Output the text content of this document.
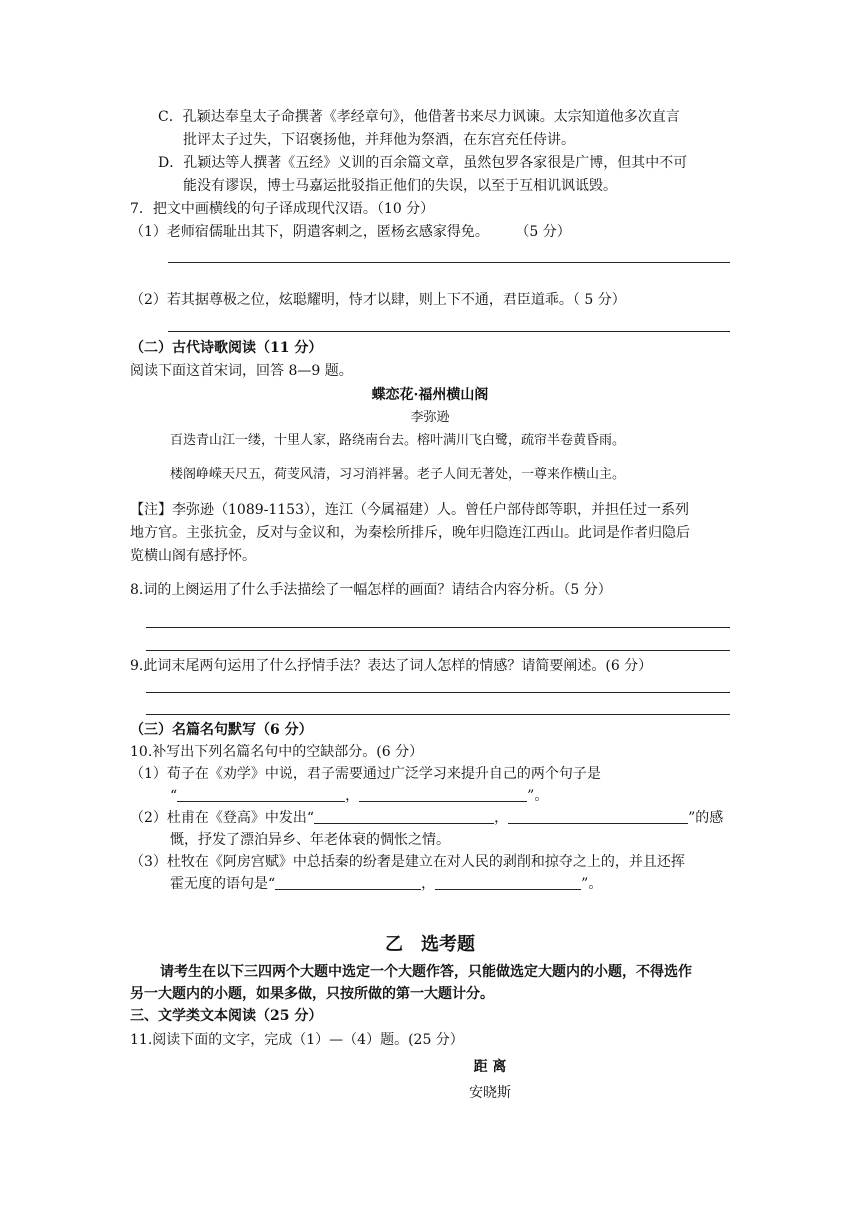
C．孔颖达奉皇太子命撰著《孝经章句》，他借著书来尽力讽谏。太宗知道他多次直言
批评太子过失，下诏褒扬他，并拜他为祭酒，在东宫充任侍讲。
D．孔颖达等人撰著《五经》义训的百余篇文章，虽然包罗各家很是广博，但其中不可
能没有谬误，博士马嘉运批驳指正他们的失误，以至于互相讥讽诋毁。
7．把文中画横线的句子译成现代汉语。（10 分）
（1）老师宿儒耻出其下，阴遣客刺之，匿杨玄感家得免。 （5 分）
（2）若其据尊极之位，炫聪耀明，恃才以肆，则上下不通，君臣道乖。（ 5 分）
（二）古代诗歌阅读（11 分）
阅读下面这首宋词，回答 8—9 题。
蝶恋花·福州横山阁
李弥逊
百迭青山江一缕，十里人家，路绕南台去。榕叶满川飞白鹭，疏帘半卷黄昏雨。
楼阁峥嵘天尺五，荷芰风清，习习消袢暑。老子人间无著处，一尊来作横山主。
【注】李弥逊（1089-1153），连江（今属福建）人。曾任户部侍郎等职，并担任过一系列
地方官。主张抗金，反对与金议和，为秦桧所排斥，晚年归隐连江西山。此词是作者归隐后
览横山阁有感抒怀。
8.词的上阕运用了什么手法描绘了一幅怎样的画面？请结合内容分析。（5 分）
9.此词末尾两句运用了什么抒情手法？表达了词人怎样的情感？请简要阐述。(6 分）
（三）名篇名句默写（6 分）
10.补写出下列名篇名句中的空缺部分。(6 分）
（1）荀子在《劝学》中说，君子需要通过广泛学习来提升自己的两个句子是
“	，	”。
（2）杜甫在《登高》中发出“	，	”的感
慨，抒发了漂泊异乡、年老体衰的惆怅之情。
（3）杜牧在《阿房宫赋》中总括秦的纷奢是建立在对人民的剥削和掠夺之上的，并且还挥
霍无度的语句是“	，	”。
乙　选考题
请考生在以下三四两个大题中选定一个大题作答，只能做选定大题内的小题，不得选作
另一大题内的小题，如果多做，只按所做的第一大题计分。
三、文学类文本阅读（25 分）
11.阅读下面的文字，完成（1）—（4）题。(25 分）
距 离
安晓斯
